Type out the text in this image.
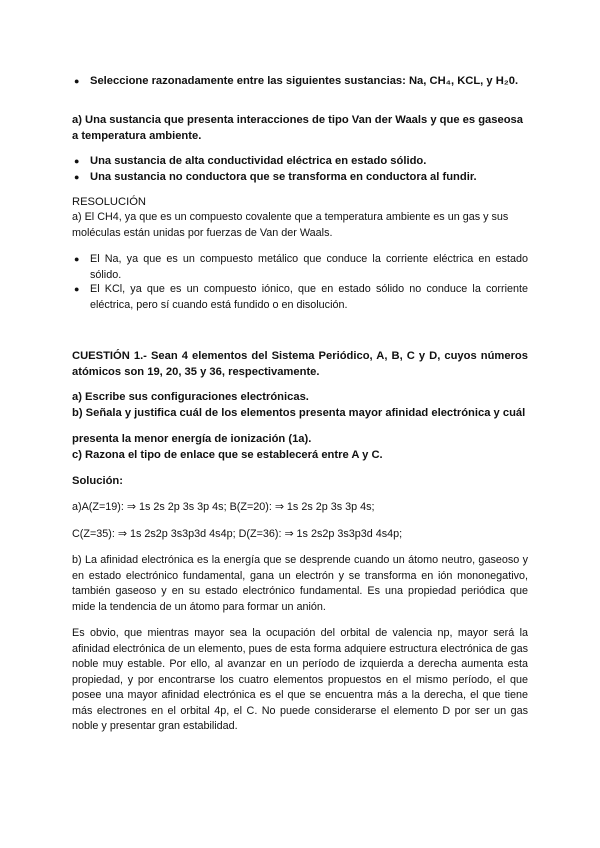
● Seleccione razonadamente entre las siguientes sustancias: Na, CH₄, KCL, y H₂0.
a) Una sustancia que presenta interacciones de tipo Van der Waals y que es gaseosa a temperatura ambiente.
● Una sustancia de alta conductividad eléctrica en estado sólido.
● Una sustancia no conductora que se transforma en conductora al fundir.
RESOLUCIÓN
a) El CH4, ya que es un compuesto covalente que a temperatura ambiente es un gas y sus moléculas están unidas por fuerzas de Van der Waals.
● El Na, ya que es un compuesto metálico que conduce la corriente eléctrica en estado sólido.
● El KCl, ya que es un compuesto iónico, que en estado sólido no conduce la corriente eléctrica, pero sí cuando está fundido o en disolución.
CUESTIÓN 1.- Sean 4 elementos del Sistema Periódico, A, B, C y D, cuyos números atómicos son 19, 20, 35 y 36, respectivamente.
a) Escribe sus configuraciones electrónicas.
b) Señala y justifica cuál de los elementos presenta mayor afinidad electrónica y cuál
presenta la menor energía de ionización (1a).
c) Razona el tipo de enlace que se establecerá entre A y C.
Solución:
a)A(Z=19): ⇒ 1s 2s 2p 3s 3p 4s; B(Z=20): ⇒ 1s 2s 2p 3s 3p 4s;
C(Z=35): ⇒ 1s 2s2p 3s3p3d 4s4p; D(Z=36): ⇒ 1s 2s2p 3s3p3d 4s4p;
b) La afinidad electrónica es la energía que se desprende cuando un átomo neutro, gaseoso y en estado electrónico fundamental, gana un electrón y se transforma en ión mononegativo, también gaseoso y en su estado electrónico fundamental. Es una propiedad periódica que mide la tendencia de un átomo para formar un anión.
Es obvio, que mientras mayor sea la ocupación del orbital de valencia np, mayor será la afinidad electrónica de un elemento, pues de esta forma adquiere estructura electrónica de gas noble muy estable. Por ello, al avanzar en un período de izquierda a derecha aumenta esta propiedad, y por encontrarse los cuatro elementos propuestos en el mismo período, el que posee una mayor afinidad electrónica es el que se encuentra más a la derecha, el que tiene más electrones en el orbital 4p, el C. No puede considerarse el elemento D por ser un gas noble y presentar gran estabilidad.
